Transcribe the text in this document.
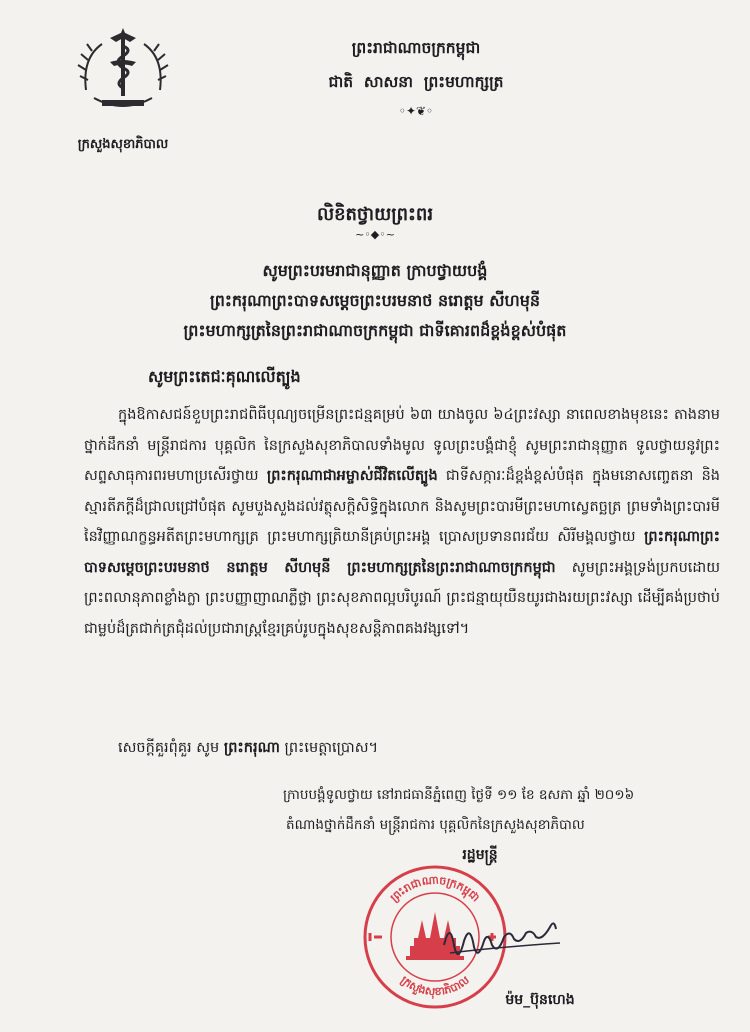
ក្រសួងសុខាភិបាល
ព្រះរាជាណាចក្រកម្ពុជា
ជាតិ  សាសនា  ព្រះមហាក្សត្រ
◦✦❦◦
លិខិតថ្វាយព្រះពរ
~◦◆◦~
សូមព្រះបរមរាជានុញ្ញាត ក្រាបថ្វាយបង្គំ
ព្រះករុណាព្រះបាទសម្តេចព្រះបរមនាថ នរោត្តម សីហមុនី
ព្រះមហាក្សត្រនៃព្រះរាជាណាចក្រកម្ពុជា ជាទីគោរពដ៏ខ្ពង់ខ្ពស់បំផុត
សូមព្រះតេជៈគុណលើត្បូង
ក្នុងឱកាសជន៍ខួបព្រះរាជពិធីបុណ្យចម្រើនព្រះជន្មគម្រប់ ៦៣ យាងចូល ៦៤ព្រះវស្សា នាពេលខាងមុខនេះ តាងនាមថ្នាក់ដឹកនាំ មន្ត្រីរាជការ បុគ្គលិក នៃក្រសួងសុខាភិបាលទាំងមូល ទូលព្រះបង្គំជាខ្ញុំ សូមព្រះរាជានុញ្ញាត ទូលថ្វាយនូវព្រះសព្ទសាធុការពរមហាប្រសើរថ្វាយ ព្រះករុណាជាអម្ចាស់ជីវិតលើត្បូង ជាទីសក្ការៈដ៏ខ្ពង់ខ្ពស់បំផុត ក្នុងមនោសញ្ចេតនា និងស្មារតីភក្តីដ៏ជ្រាលជ្រៅបំផុត សូមបួងសួងដល់វត្ថុសក្តិសិទ្ធិក្នុងលោក និងសូមព្រះបារមីព្រះមហាស្វេតច្ឆត្រ ព្រមទាំងព្រះបារមីនៃវិញ្ញាណក្ខន្ធអតីតព្រះមហាក្សត្រ ព្រះមហាក្សត្រិយានីគ្រប់ព្រះអង្គ ប្រោសប្រទានពរជ័យ សិរីមង្គលថ្វាយ ព្រះករុណាព្រះបាទសម្តេចព្រះបរមនាថ នរោត្តម សីហមុនី ព្រះមហាក្សត្រនៃព្រះរាជាណាចក្រកម្ពុជា សូមព្រះអង្គទ្រង់ប្រកបដោយព្រះពលានុភាពខ្លាំងក្លា ព្រះបញ្ញាញាណភ្លឺថ្លា ព្រះសុខភាពល្អបរិបូរណ៍ ព្រះជន្មាយុយឺនយូរជាងរយព្រះវស្សា ដើម្បីគង់ប្រថាប់ជាម្លប់ដ៏ត្រជាក់ត្រជុំដល់ប្រជារាស្ត្រខ្មែរគ្រប់រូបក្នុងសុខសន្តិភាពគងវង្សទៅ។
សេចក្តីគួរពុំគួរ សូម ព្រះករុណា ព្រះមេត្តាប្រោស។
ក្រាបបង្គំទូលថ្វាយ នៅរាជធានីភ្នំពេញ ថ្ងៃទី ១១ ខែ ឧសភា ឆ្នាំ ២០១៦
តំណាងថ្នាក់ដឹកនាំ មន្ត្រីរាជការ បុគ្គលិកនៃក្រសួងសុខាភិបាល
រដ្ឋមន្ត្រី
ព្រះរាជាណាចក្រកម្ពុជា
ក្រសួងសុខាភិបាល
ម៉ម_ប៊ុនហេង
